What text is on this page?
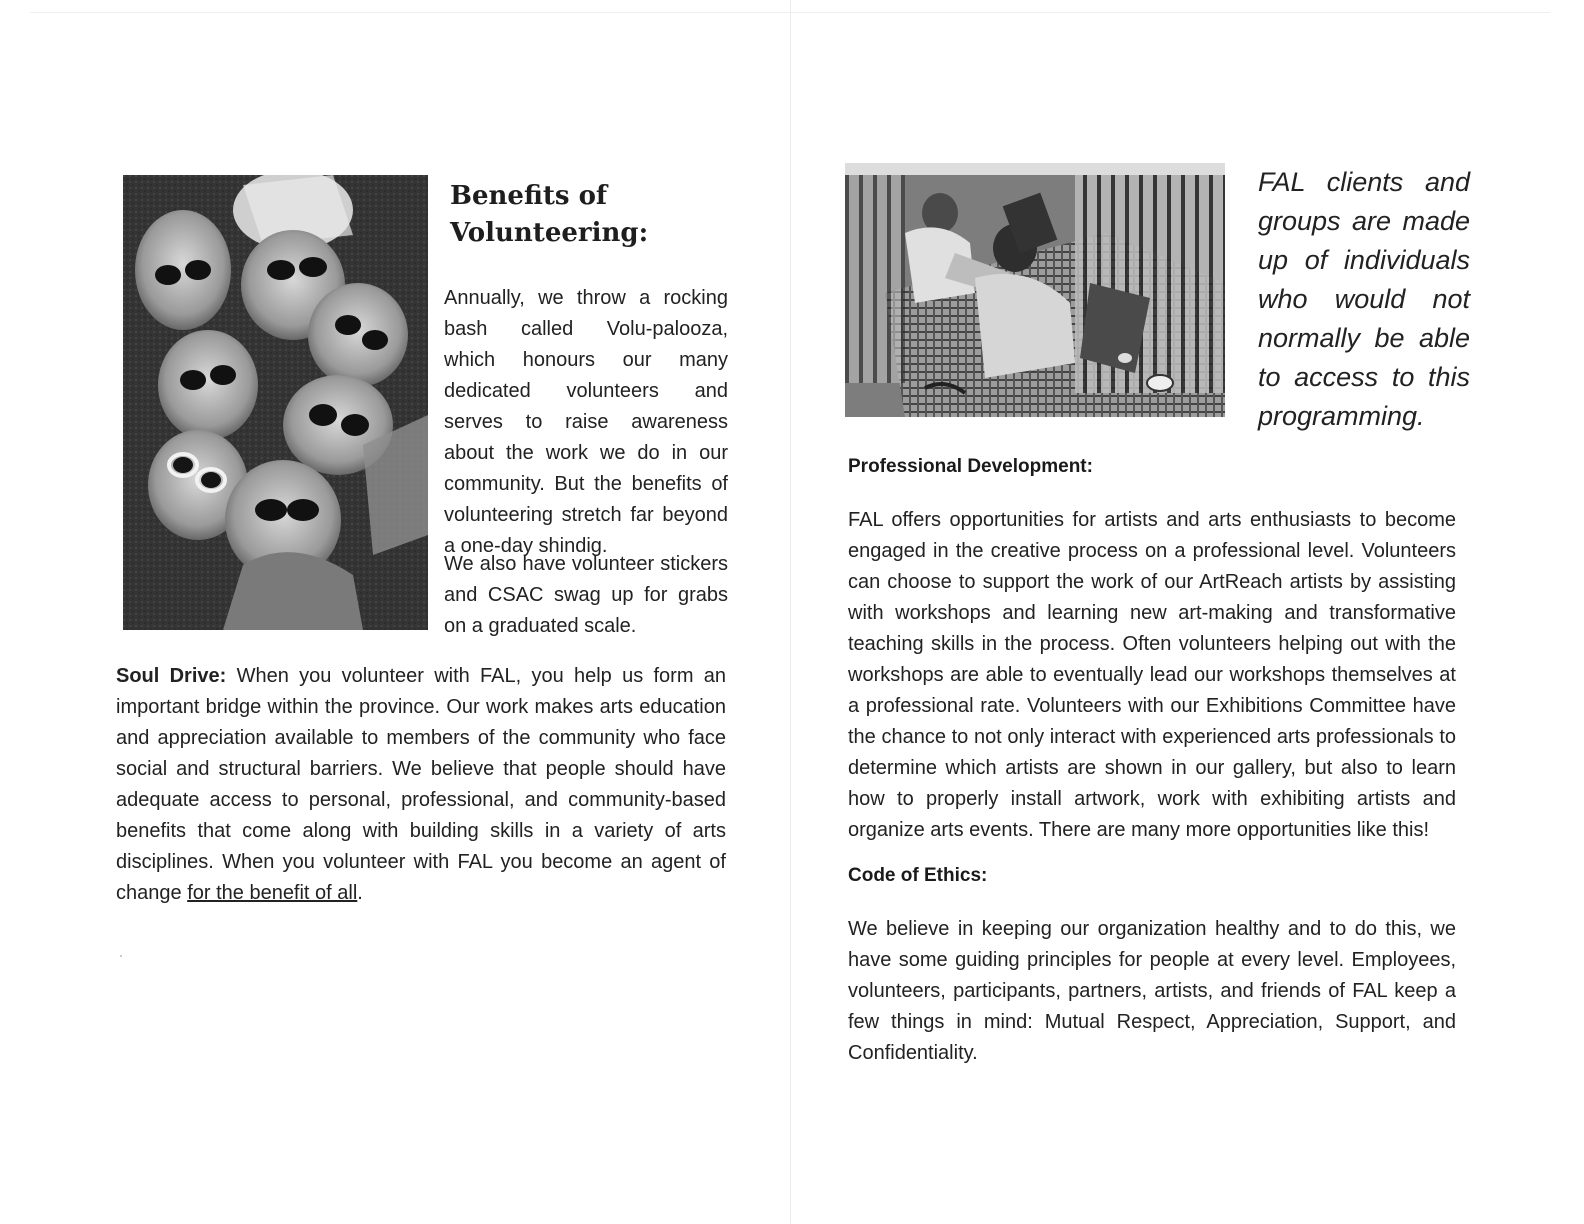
Benefits of
Volunteering:

Annually, we throw a rocking bash called Volu-palooza, which honours our many dedicated volunteers and serves to raise awareness about the work we do in our community. But the benefits of volunteering stretch far beyond a one-day shindig.

We also have volunteer stickers and CSAC swag up for grabs on a graduated scale.

Soul Drive: When you volunteer with FAL, you help us form an important bridge within the province. Our work makes arts education and appreciation available to members of the community who face social and structural barriers. We believe that people should have adequate access to personal, professional, and community-based benefits that come along with building skills in a variety of arts disciplines. When you volunteer with FAL you become an agent of change for the benefit of all.

FAL clients and groups are made up of individuals who would not normally be able to access to this programming.

Professional Development:

FAL offers opportunities for artists and arts enthusiasts to become engaged in the creative process on a professional level. Volunteers can choose to support the work of our ArtReach artists by assisting with workshops and learning new art-making and transformative teaching skills in the process. Often volunteers helping out with the workshops are able to eventually lead our workshops themselves at a professional rate. Volunteers with our Exhibitions Committee have the chance to not only interact with experienced arts professionals to determine which artists are shown in our gallery, but also to learn how to properly install artwork, work with exhibiting artists and organize arts events. There are many more opportunities like this!

Code of Ethics:

We believe in keeping our organization healthy and to do this, we have some guiding principles for people at every level. Employees, volunteers, participants, partners, artists, and friends of FAL keep a few things in mind: Mutual Respect, Appreciation, Support, and Confidentiality.
